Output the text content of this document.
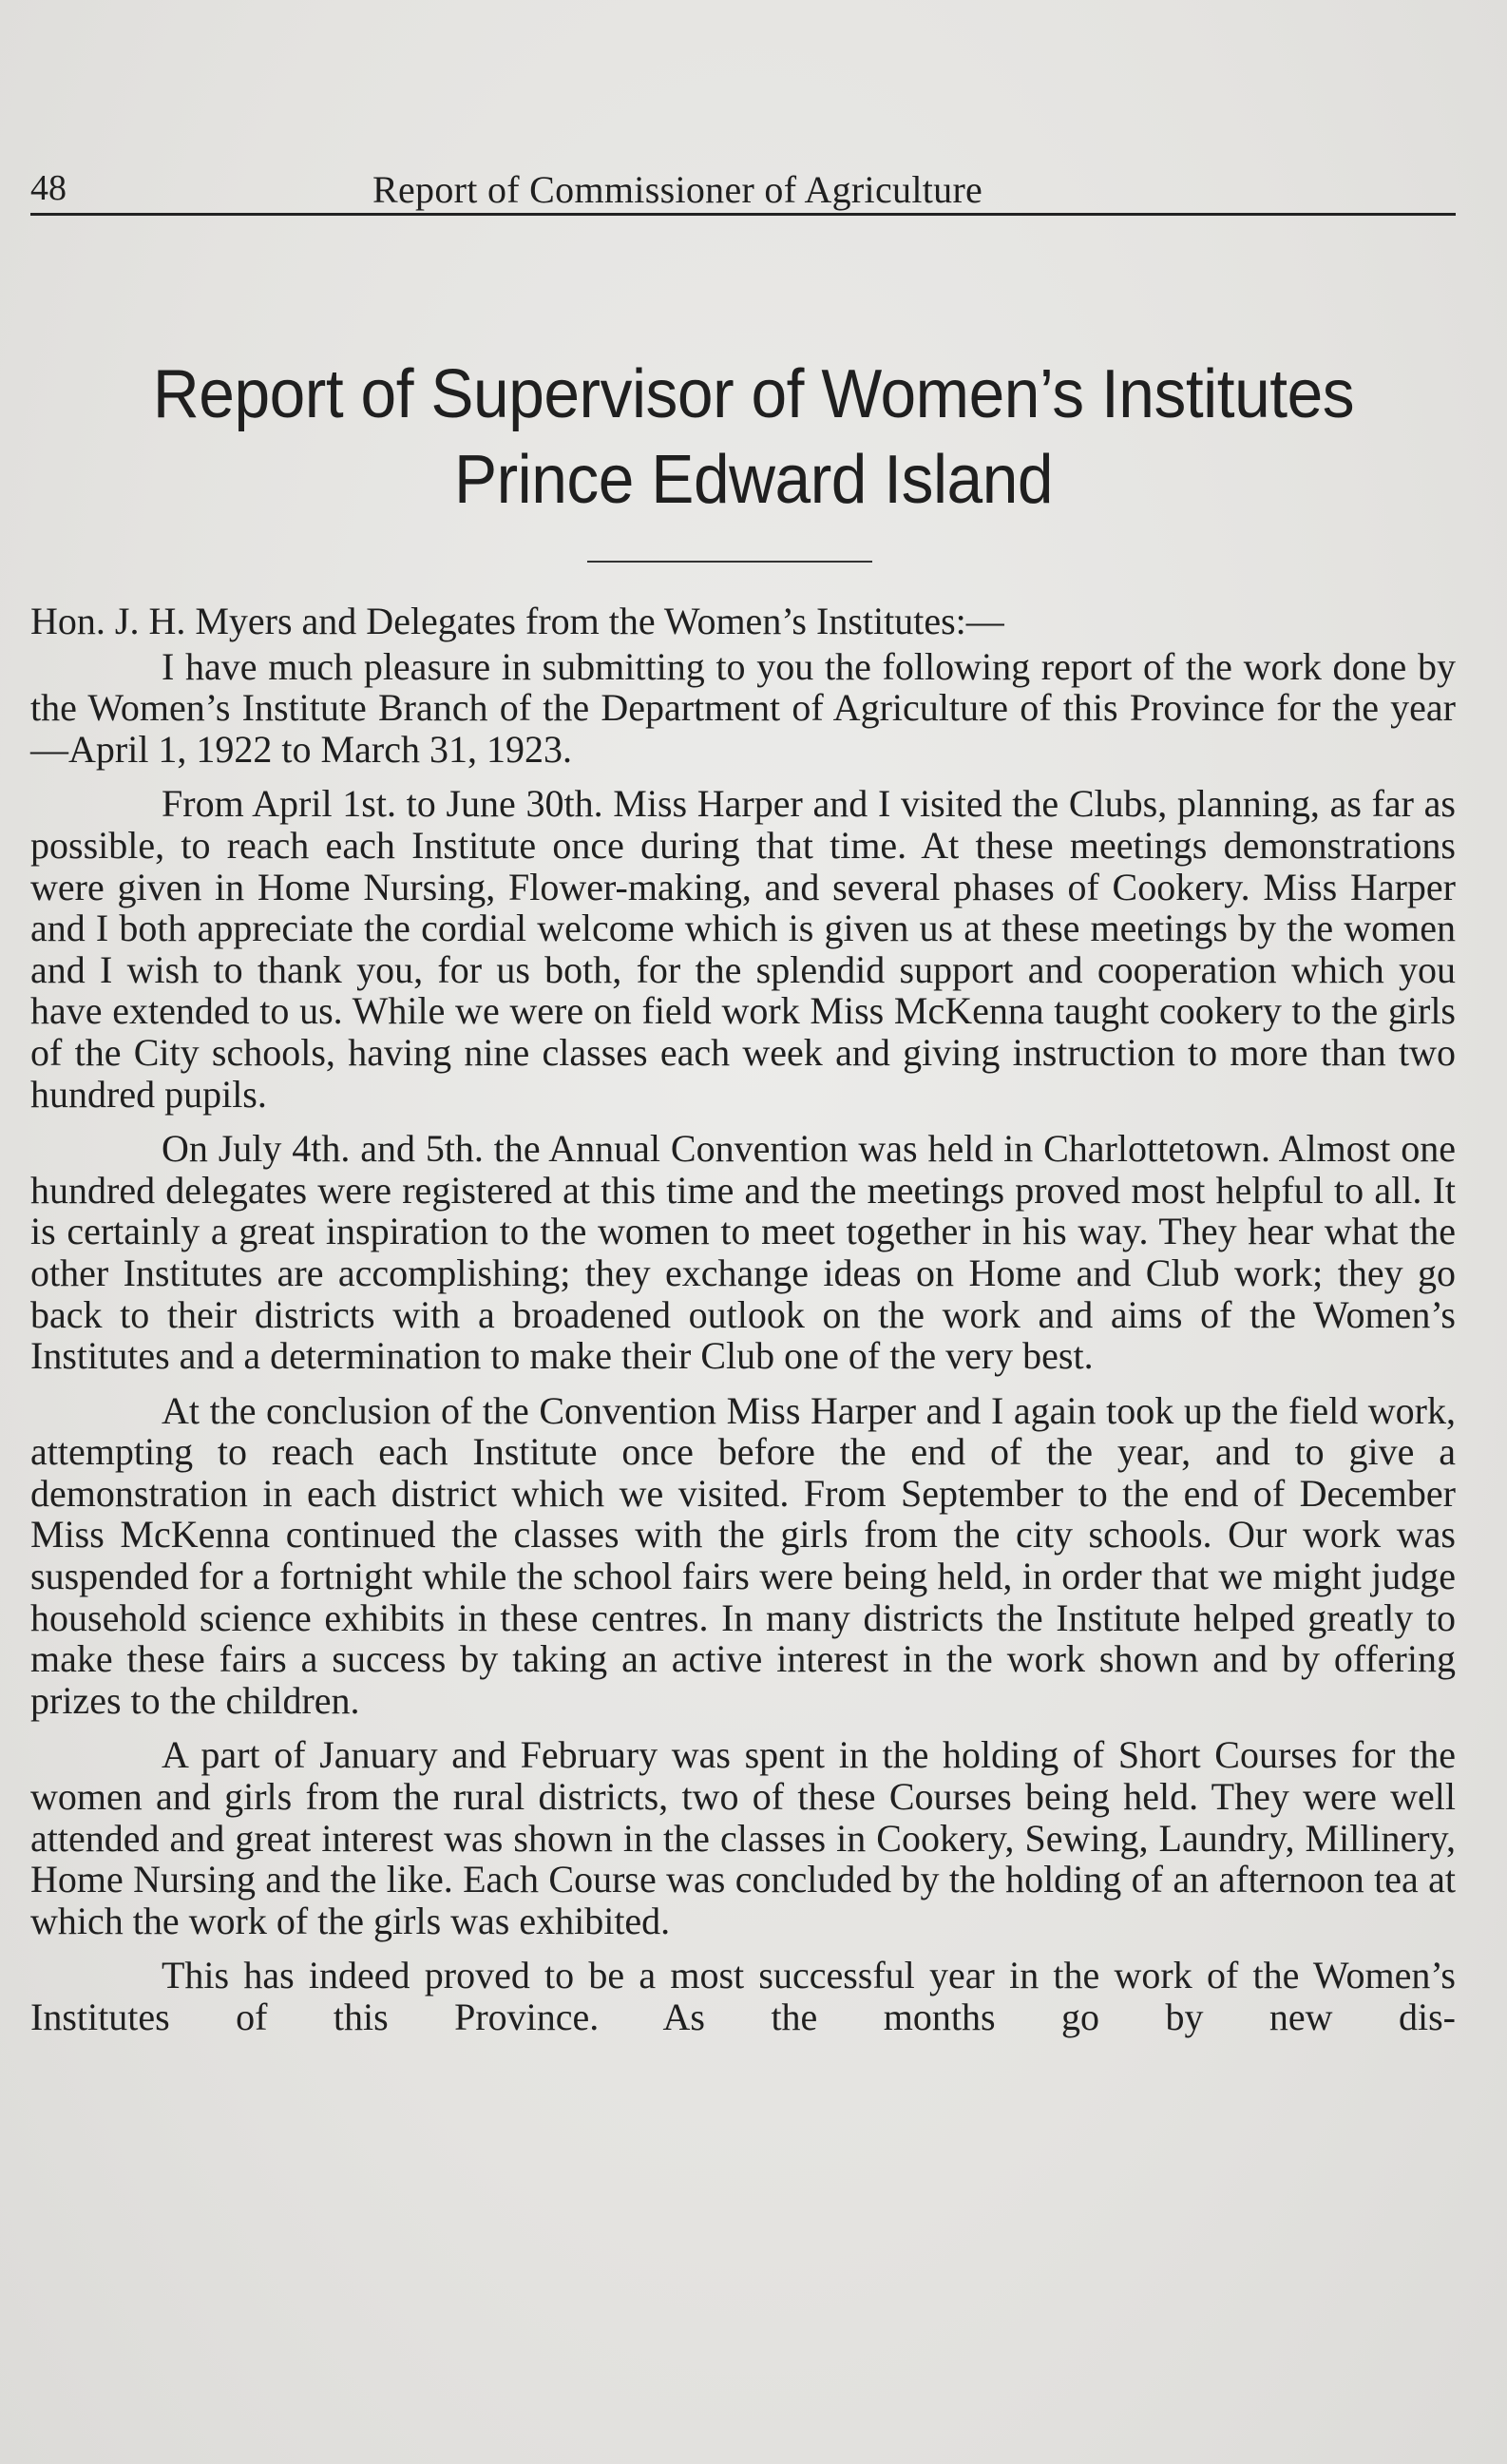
48	Report of Commissioner of Agriculture
Report of Supervisor of Women’s Institutes
Prince Edward Island

Hon. J. H. Myers and Delegates from the Women’s Institutes:—

I have much pleasure in submitting to you the following report of the work done by the Women’s Institute Branch of the Department of Agriculture of this Province for the year—April 1, 1922 to March 31, 1923.

From April 1st. to June 30th. Miss Harper and I visited the Clubs, planning, as far as possible, to reach each Institute once during that time. At these meetings demonstrations were given in Home Nursing, Flower-making, and several phases of Cookery. Miss Harper and I both appreciate the cordial welcome which is given us at these meetings by the women and I wish to thank you, for us both, for the splendid support and cooperation which you have extended to us. While we were on field work Miss McKenna taught cookery to the girls of the City schools, having nine classes each week and giving instruction to more than two hundred pupils.

On July 4th. and 5th. the Annual Convention was held in Charlottetown. Almost one hundred delegates were registered at this time and the meetings proved most helpful to all. It is certainly a great inspiration to the women to meet together in his way. They hear what the other Institutes are accomplishing; they exchange ideas on Home and Club work; they go back to their districts with a broadened outlook on the work and aims of the Women’s Institutes and a determination to make their Club one of the very best.

At the conclusion of the Convention Miss Harper and I again took up the field work, attempting to reach each Institute once before the end of the year, and to give a demonstration in each district which we visited. From September to the end of December Miss McKenna continued the classes with the girls from the city schools. Our work was suspended for a fortnight while the school fairs were being held, in order that we might judge household science exhibits in these centres. In many districts the Institute helped greatly to make these fairs a success by taking an active interest in the work shown and by offering prizes to the children.

A part of January and February was spent in the holding of Short Courses for the women and girls from the rural districts, two of these Courses being held. They were well attended and great interest was shown in the classes in Cookery, Sewing, Laundry, Millinery, Home Nursing and the like. Each Course was concluded by the holding of an afternoon tea at which the work of the girls was exhibited.

This has indeed proved to be a most successful year in the work of the Women’s Institutes of this Province. As the months go by new dis-
